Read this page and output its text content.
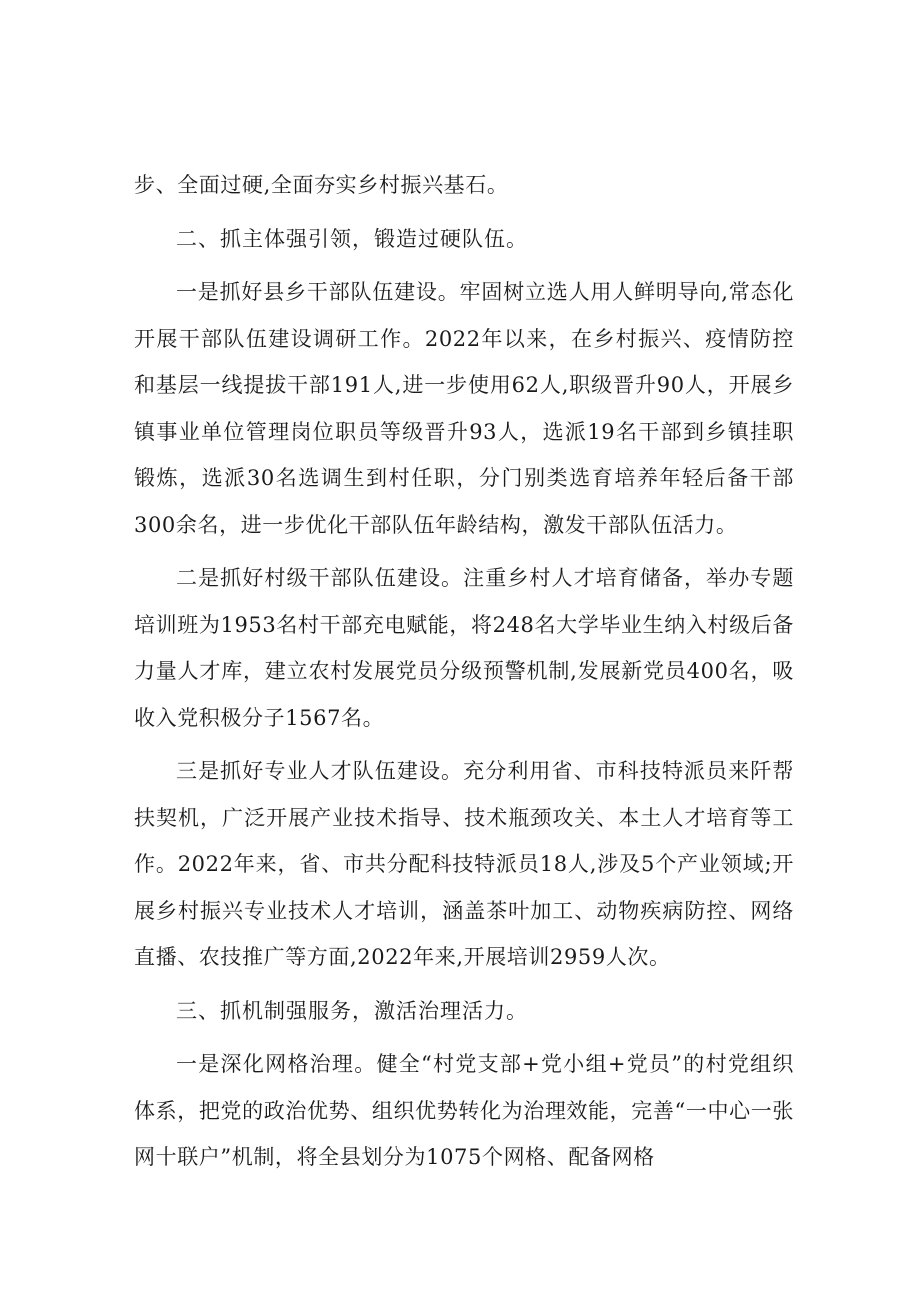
步、全面过硬,全面夯实乡村振兴基石。

二、抓主体强引领，锻造过硬队伍。

一是抓好县乡干部队伍建设。牢固树立选人用人鲜明导向,常态化开展干部队伍建设调研工作。2022年以来，在乡村振兴、疫情防控和基层一线提拔干部191人,进一步使用62人,职级晋升90人，开展乡镇事业单位管理岗位职员等级晋升93人，选派19名干部到乡镇挂职锻炼，选派30名选调生到村任职，分门别类选育培养年轻后备干部300余名，进一步优化干部队伍年龄结构，激发干部队伍活力。

二是抓好村级干部队伍建设。注重乡村人才培育储备，举办专题培训班为1953名村干部充电赋能，将248名大学毕业生纳入村级后备力量人才库，建立农村发展党员分级预警机制,发展新党员400名，吸收入党积极分子1567名。

三是抓好专业人才队伍建设。充分利用省、市科技特派员来阡帮扶契机，广泛开展产业技术指导、技术瓶颈攻关、本土人才培育等工作。2022年来，省、市共分配科技特派员18人,涉及5个产业领域;开展乡村振兴专业技术人才培训，涵盖茶叶加工、动物疾病防控、网络直播、农技推广等方面,2022年来,开展培训2959人次。

三、抓机制强服务，激活治理活力。

一是深化网格治理。健全“村党支部+党小组+党员”的村党组织体系，把党的政治优势、组织优势转化为治理效能，完善“一中心一张网十联户”机制，将全县划分为1075个网格、配备网格
